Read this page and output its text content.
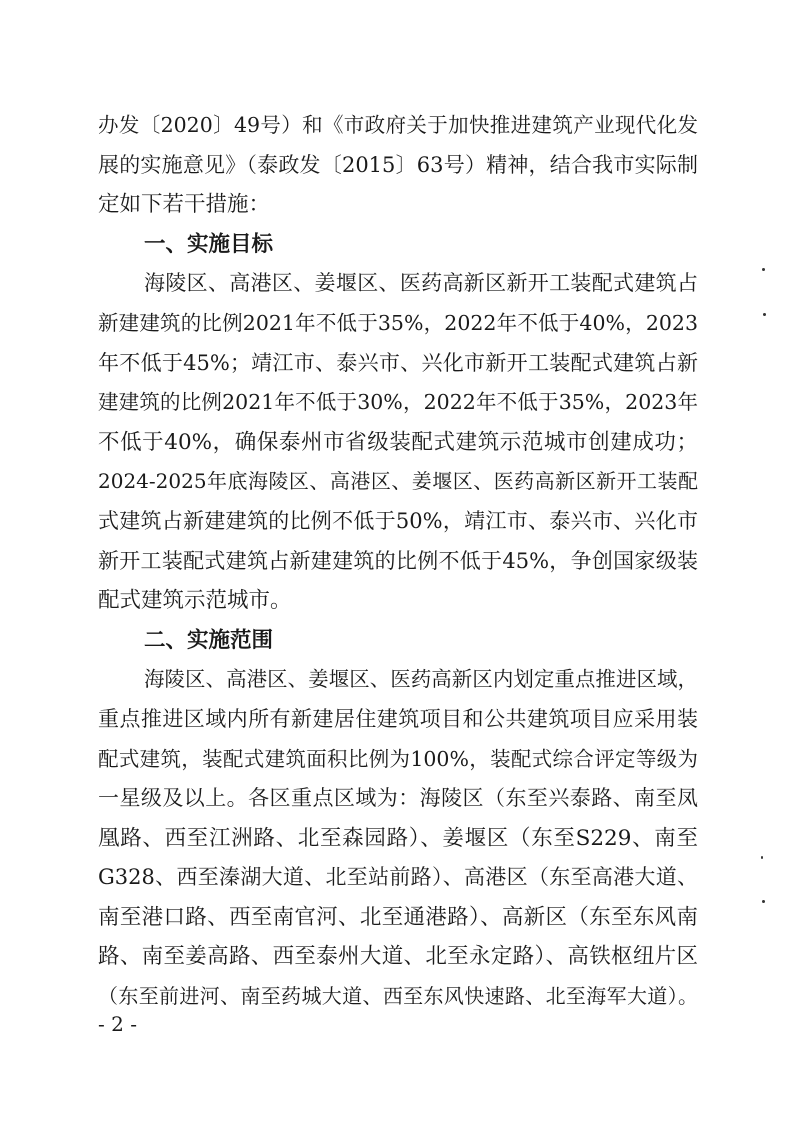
办发〔2020〕49号）和《市政府关于加快推进建筑产业现代化发
展的实施意见》（泰政发〔2015〕63号）精神，结合我市实际制
定如下若干措施：
一、实施目标
海陵区、高港区、姜堰区、医药高新区新开工装配式建筑占
新建建筑的比例2021年不低于35%，2022年不低于40%，2023
年不低于45%；靖江市、泰兴市、兴化市新开工装配式建筑占新
建建筑的比例2021年不低于30%，2022年不低于35%，2023年
不低于40%，确保泰州市省级装配式建筑示范城市创建成功；
2024-2025年底海陵区、高港区、姜堰区、医药高新区新开工装配
式建筑占新建建筑的比例不低于50%，靖江市、泰兴市、兴化市
新开工装配式建筑占新建建筑的比例不低于45%，争创国家级装
配式建筑示范城市。
二、实施范围
海陵区、高港区、姜堰区、医药高新区内划定重点推进区域，
重点推进区域内所有新建居住建筑项目和公共建筑项目应采用装
配式建筑，装配式建筑面积比例为100%，装配式综合评定等级为
一星级及以上。各区重点区域为：海陵区（东至兴泰路、南至凤
凰路、西至江洲路、北至森园路）、姜堰区（东至S229、南至
G328、西至溱湖大道、北至站前路）、高港区（东至高港大道、
南至港口路、西至南官河、北至通港路）、高新区（东至东风南
路、南至姜高路、西至泰州大道、北至永定路）、高铁枢纽片区
（东至前进河、南至药城大道、西至东风快速路、北至海军大道）。
- 2 -
